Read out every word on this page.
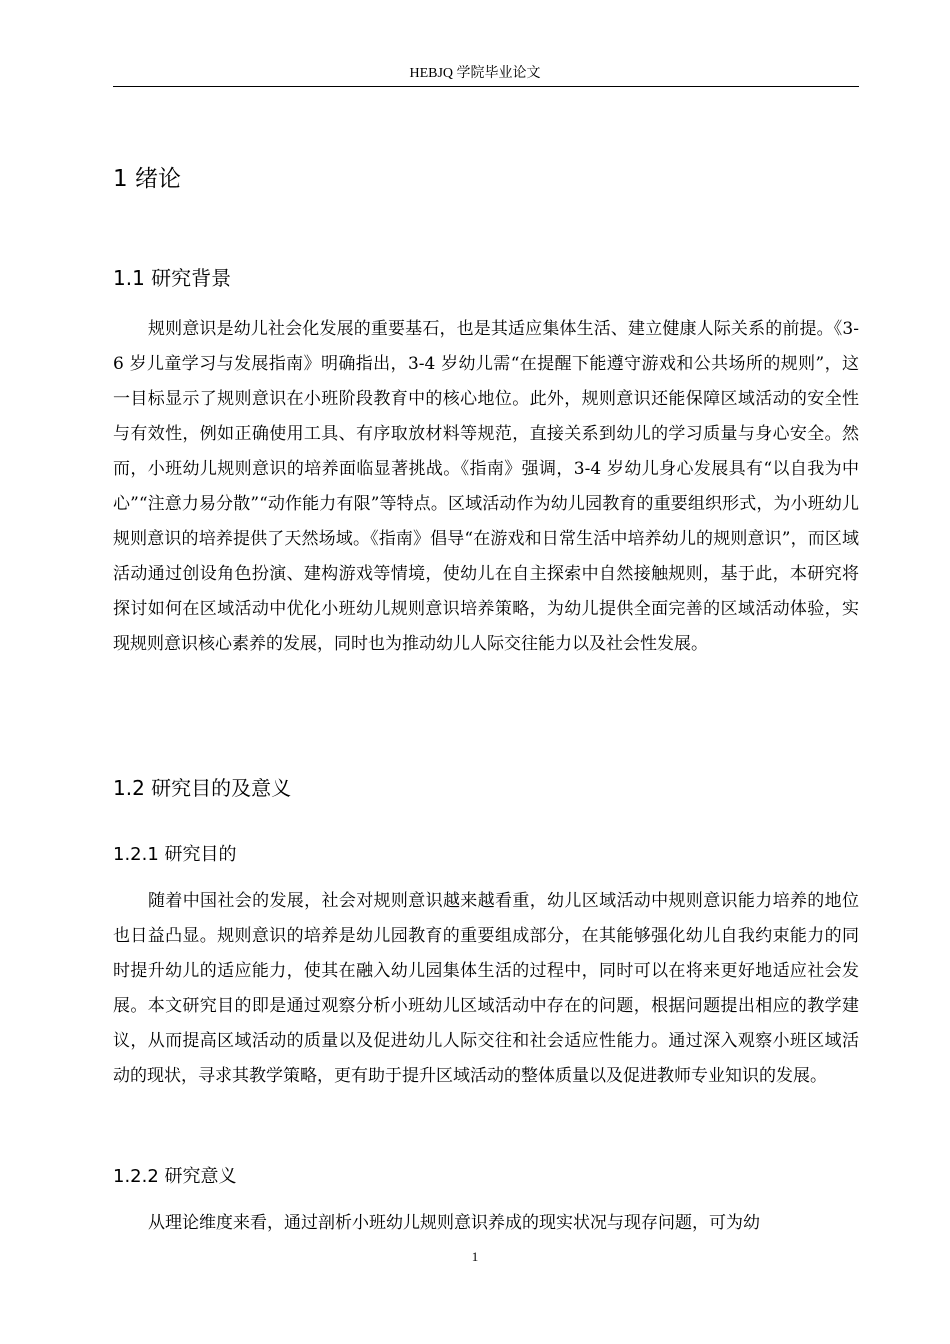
HEBJQ 学院毕业论文
1 绪论
1.1 研究背景

规则意识是幼儿社会化发展的重要基石，也是其适应集体生活、建立健康人际关系的前提。《3-6 岁儿童学习与发展指南》明确指出，3-4 岁幼儿需“在提醒下能遵守游戏和公共场所的规则”，这一目标显示了规则意识在小班阶段教育中的核心地位。此外，规则意识还能保障区域活动的安全性与有效性，例如正确使用工具、有序取放材料等规范，直接关系到幼儿的学习质量与身心安全。然而，小班幼儿规则意识的培养面临显著挑战。《指南》强调，3-4 岁幼儿身心发展具有“以自我为中心”“注意力易分散”“动作能力有限”等特点。区域活动作为幼儿园教育的重要组织形式，为小班幼儿规则意识的培养提供了天然场域。《指南》倡导“在游戏和日常生活中培养幼儿的规则意识”，而区域活动通过创设角色扮演、建构游戏等情境，使幼儿在自主探索中自然接触规则，基于此，本研究将探讨如何在区域活动中优化小班幼儿规则意识培养策略，为幼儿提供全面完善的区域活动体验，实现规则意识核心素养的发展，同时也为推动幼儿人际交往能力以及社会性发展。

1.2 研究目的及意义
1.2.1 研究目的

随着中国社会的发展，社会对规则意识越来越看重，幼儿区域活动中规则意识能力培养的地位也日益凸显。规则意识的培养是幼儿园教育的重要组成部分，在其能够强化幼儿自我约束能力的同时提升幼儿的适应能力，使其在融入幼儿园集体生活的过程中，同时可以在将来更好地适应社会发展。本文研究目的即是通过观察分析小班幼儿区域活动中存在的问题，根据问题提出相应的教学建议，从而提高区域活动的质量以及促进幼儿人际交往和社会适应性能力。通过深入观察小班区域活动的现状，寻求其教学策略，更有助于提升区域活动的整体质量以及促进教师专业知识的发展。

1.2.2 研究意义

从理论维度来看，通过剖析小班幼儿规则意识养成的现实状况与现存问题，可为幼

1
